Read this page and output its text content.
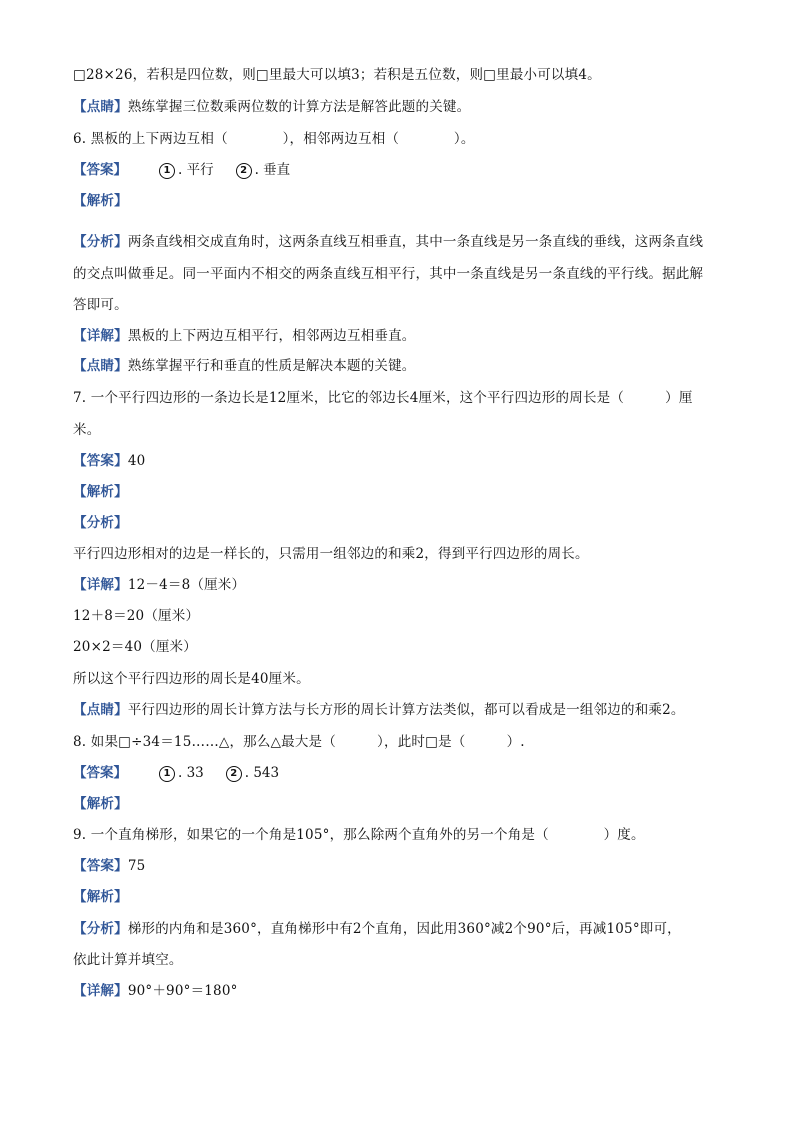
□28×26，若积是四位数，则□里最大可以填3；若积是五位数，则□里最小可以填4。
【点睛】熟练掌握三位数乘两位数的计算方法是解答此题的关键。
6. 黑板的上下两边互相（　　　　），相邻两边互相（　　　　）。
【答案】	1 . 平行	2 . 垂直
【解析】
【分析】两条直线相交成直角时，这两条直线互相垂直，其中一条直线是另一条直线的垂线，这两条直线
的交点叫做垂足。同一平面内不相交的两条直线互相平行，其中一条直线是另一条直线的平行线。据此解
答即可。
【详解】黑板的上下两边互相平行，相邻两边互相垂直。
【点睛】熟练掌握平行和垂直的性质是解决本题的关键。
7. 一个平行四边形的一条边长是12厘米，比它的邻边长4厘米，这个平行四边形的周长是（　　　）厘
米。
【答案】40
【解析】
【分析】
平行四边形相对的边是一样长的，只需用一组邻边的和乘2，得到平行四边形的周长。
【详解】12－4＝8（厘米）
12＋8＝20（厘米）
20×2＝40（厘米）
所以这个平行四边形的周长是40厘米。
【点睛】平行四边形的周长计算方法与长方形的周长计算方法类似，都可以看成是一组邻边的和乘2。
8. 如果□÷34＝15……△，那么△最大是（　　　），此时□是（　　　）.
【答案】	1 . 33	2 . 543
【解析】
9. 一个直角梯形，如果它的一个角是105°，那么除两个直角外的另一个角是（　　　　）度。
【答案】75
【解析】
【分析】梯形的内角和是360°，直角梯形中有2个直角，因此用360°减2个90°后，再减105°即可，
依此计算并填空。
【详解】90°＋90°＝180°
